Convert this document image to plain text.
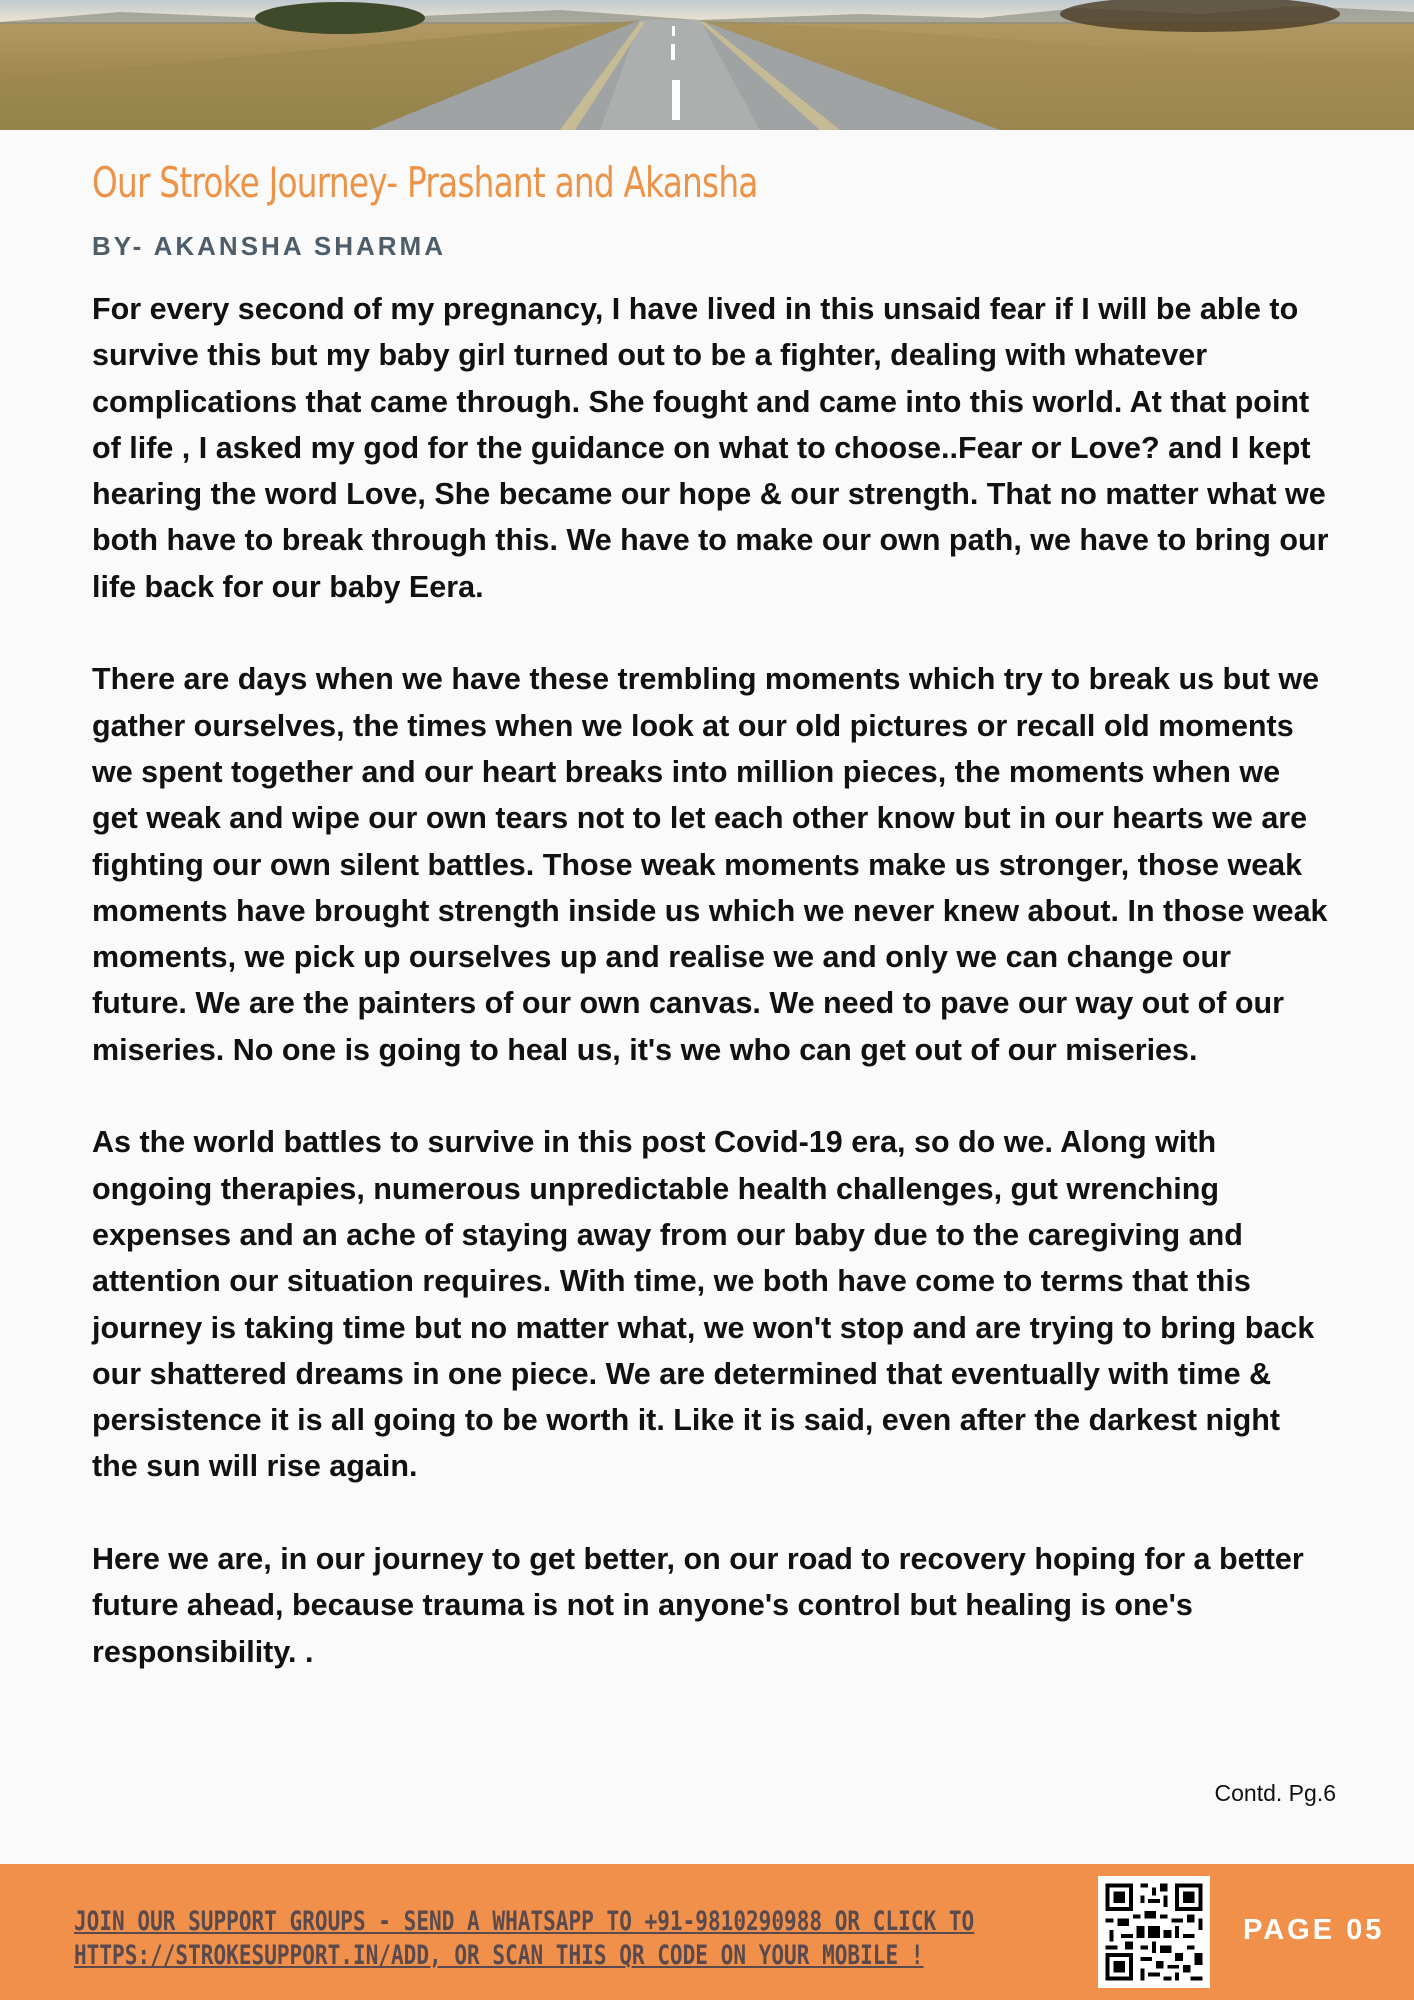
Our Stroke Journey- Prashant and Akansha
BY- AKANSHA SHARMA

For every second of my pregnancy, I have lived in this unsaid fear if I will be able to survive this but my baby girl turned out to be a fighter, dealing with whatever complications that came through. She fought and came into this world. At that point of life , I asked my god for the guidance on what to choose..Fear or Love? and I kept hearing the word Love, She became our hope & our strength. That no matter what we both have to break through this. We have to make our own path, we have to bring our life back for our baby Eera.

There are days when we have these trembling moments which try to break us but we gather ourselves, the times when we look at our old pictures or recall old moments we spent together and our heart breaks into million pieces, the moments when we get weak and wipe our own tears not to let each other know but in our hearts we are fighting our own silent battles. Those weak moments make us stronger, those weak moments have brought strength inside us which we never knew about. In those weak moments, we pick up ourselves up and realise we and only we can change our future. We are the painters of our own canvas. We need to pave our way out of our miseries. No one is going to heal us, it's we who can get out of our miseries.

As the world battles to survive in this post Covid-19 era, so do we. Along with ongoing therapies, numerous unpredictable health challenges, gut wrenching expenses and an ache of staying away from our baby due to the caregiving and attention our situation requires. With time, we both have come to terms that this journey is taking time but no matter what, we won't stop and are trying to bring back our shattered dreams in one piece. We are determined that eventually with time & persistence it is all going to be worth it. Like it is said, even after the darkest night the sun will rise again.

Here we are, in our journey to get better, on our road to recovery hoping for a better future ahead, because trauma is not in anyone's control but healing is one's responsibility. .

Contd. Pg.6
JOIN OUR SUPPORT GROUPS - SEND A WHATSAPP TO +91-9810290988 OR CLICK TO
HTTPS://STROKESUPPORT.IN/ADD, OR SCAN THIS QR CODE ON YOUR MOBILE !
PAGE 05
